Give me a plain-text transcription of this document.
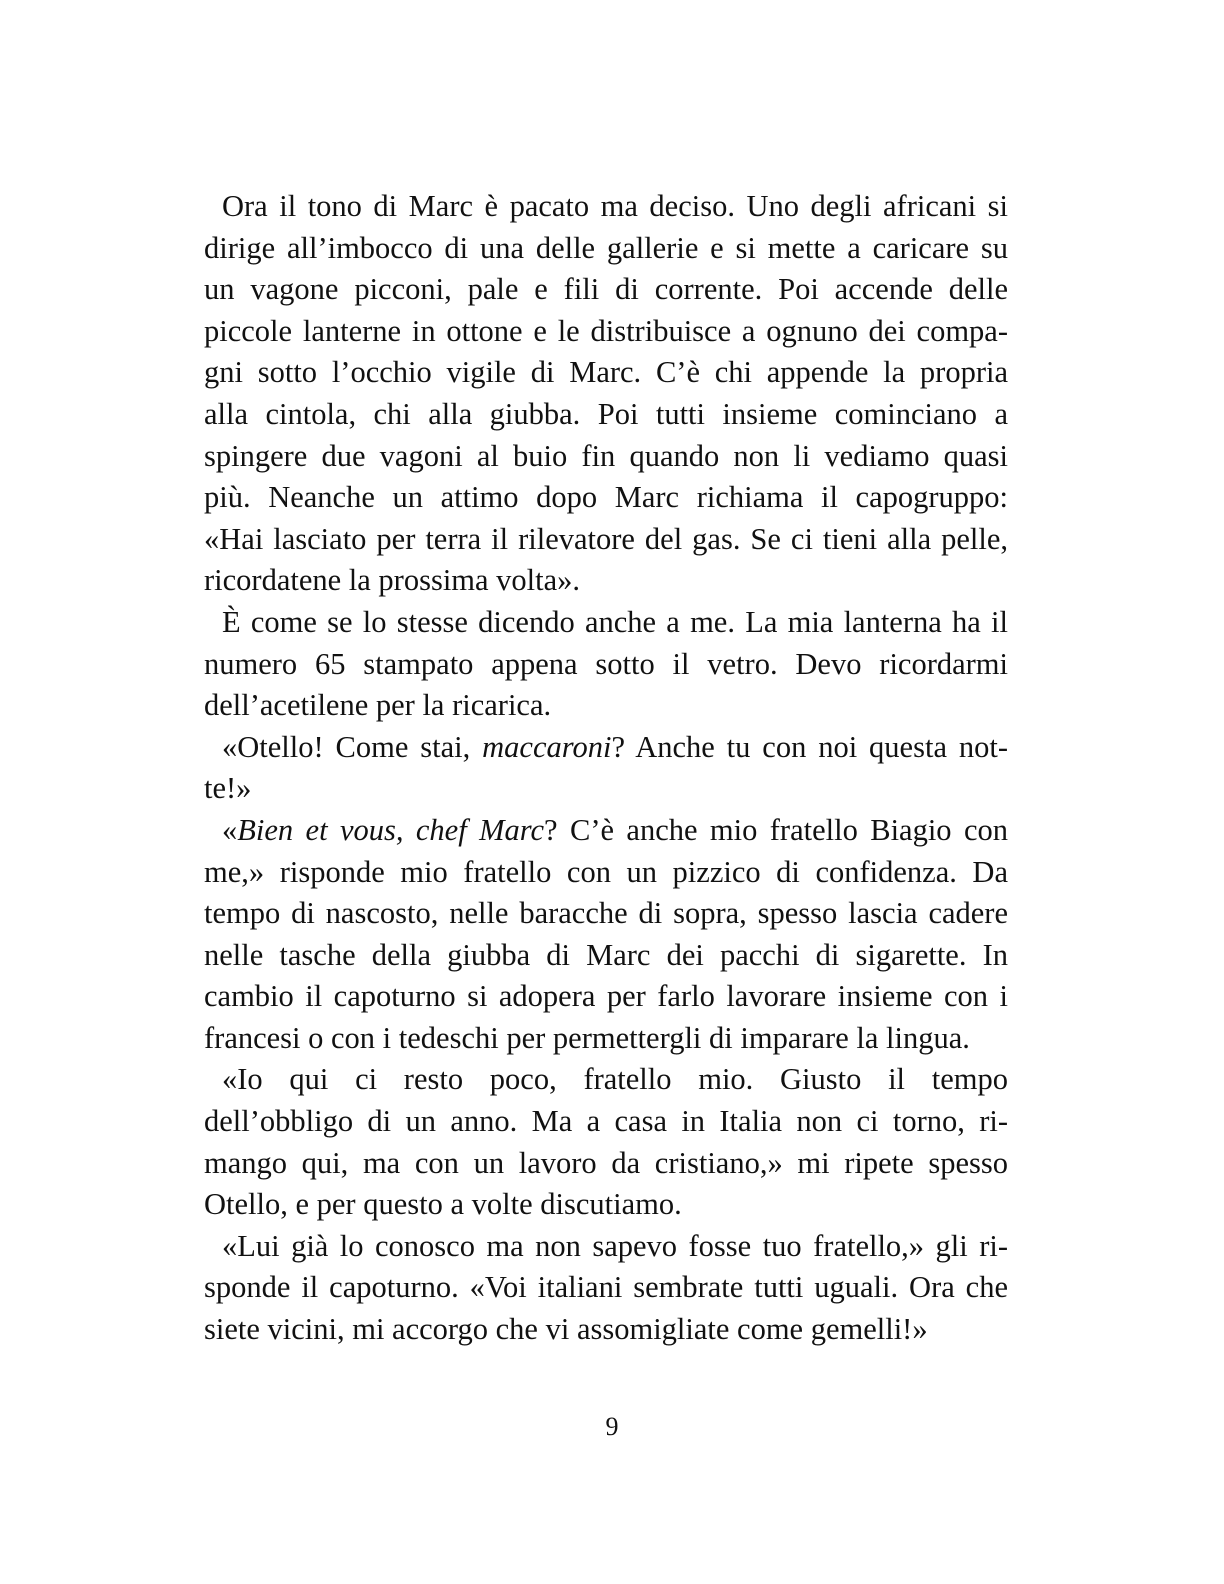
Ora il tono di Marc è pacato ma deciso. Uno degli africani si
dirige all’imbocco di una delle gallerie e si mette a caricare su
un vagone picconi, pale e fili di corrente. Poi accende delle
piccole lanterne in ottone e le distribuisce a ognuno dei compa-
gni sotto l’occhio vigile di Marc. C’è chi appende la propria
alla cintola, chi alla giubba. Poi tutti insieme cominciano a
spingere due vagoni al buio fin quando non li vediamo quasi
più. Neanche un attimo dopo Marc richiama il capogruppo:
«Hai lasciato per terra il rilevatore del gas. Se ci tieni alla pelle,
ricordatene la prossima volta».

È come se lo stesse dicendo anche a me. La mia lanterna ha il
numero 65 stampato appena sotto il vetro. Devo ricordarmi
dell’acetilene per la ricarica.

«Otello! Come stai, maccaroni? Anche tu con noi questa not-
te!»

«Bien et vous, chef Marc? C’è anche mio fratello Biagio con
me,» risponde mio fratello con un pizzico di confidenza. Da
tempo di nascosto, nelle baracche di sopra, spesso lascia cadere
nelle tasche della giubba di Marc dei pacchi di sigarette. In
cambio il capoturno si adopera per farlo lavorare insieme con i
francesi o con i tedeschi per permettergli di imparare la lingua.

«Io qui ci resto poco, fratello mio. Giusto il tempo
dell’obbligo di un anno. Ma a casa in Italia non ci torno, ri-
mango qui, ma con un lavoro da cristiano,» mi ripete spesso
Otello, e per questo a volte discutiamo.

«Lui già lo conosco ma non sapevo fosse tuo fratello,» gli ri-
sponde il capoturno. «Voi italiani sembrate tutti uguali. Ora che
siete vicini, mi accorgo che vi assomigliate come gemelli!»

9
